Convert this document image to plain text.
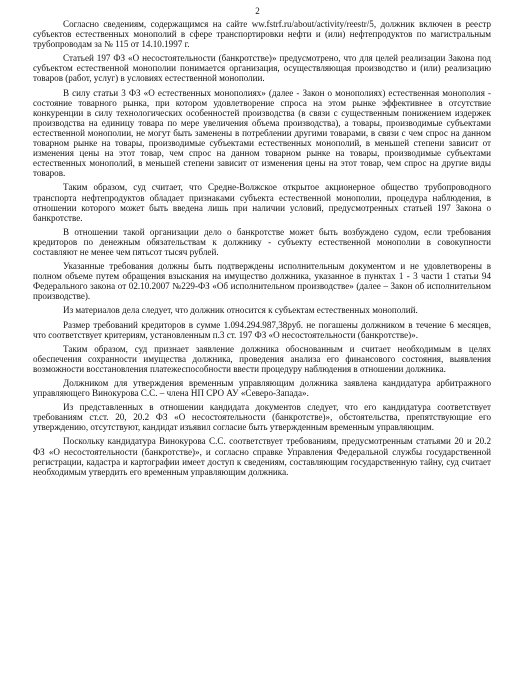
2

Согласно сведениям, содержащимся на сайте ww.fstrf.ru/about/activity/reestr/5, должник включен в реестр субъектов естественных монополий в сфере транспортировки нефти и (или) нефтепродуктов по магистральным трубопроводам за № 115 от 14.10.1997 г.

Статьей 197 ФЗ «О несостоятельности (банкротстве)» предусмотрено, что для целей реализации Закона под субъектом естественной монополии понимается организация, осуществляющая производство и (или) реализацию товаров (работ, услуг) в условиях естественной монополии.

В силу статьи 3 ФЗ «О естественных монополиях» (далее - Закон о монополиях) естественная монополия - состояние товарного рынка, при котором удовлетворение спроса на этом рынке эффективнее в отсутствие конкуренции в силу технологических особенностей производства (в связи с существенным понижением издержек производства на единицу товара по мере увеличения объема производства), а товары, производимые субъектами естественной монополии, не могут быть заменены в потреблении другими товарами, в связи с чем спрос на данном товарном рынке на товары, производимые субъектами естественных монополий, в меньшей степени зависит от изменения цены на этот товар, чем спрос на данном товарном рынке на товары, производимые субъектами естественных монополий, в меньшей степени зависит от изменения цены на этот товар, чем спрос на другие виды товаров.

Таким образом, суд считает, что Средне-Волжское открытое акционерное общество трубопроводного транспорта нефтепродуктов обладает признаками субъекта естественной монополии, процедура наблюдения, в отношении которого может быть введена лишь при наличии условий, предусмотренных статьей 197 Закона о банкротстве.

В отношении такой организации дело о банкротстве может быть возбуждено судом, если требования кредиторов по денежным обязательствам к должнику - субъекту естественной монополии в совокупности составляют не менее чем пятьсот тысяч рублей.

Указанные требования должны быть подтверждены исполнительным документом и не удовлетворены в полном объеме путем обращения взыскания на имущество должника, указанное в пунктах 1 - 3 части 1 статьи 94 Федерального закона от 02.10.2007 №229-ФЗ «Об исполнительном производстве» (далее – Закон об исполнительном производстве).

Из материалов дела следует, что должник относится к субъектам естественных монополий.

Размер требований кредиторов в сумме 1.094.294.987,38руб. не погашены должником в течение 6 месяцев, что соответствует критериям, установленным п.3 ст. 197 ФЗ «О несостоятельности (банкротстве)».

Таким образом, суд признает заявление должника обоснованным и считает необходимым в целях обеспечения сохранности имущества должника, проведения анализа его финансового состояния, выявления возможности восстановления платежеспособности ввести процедуру наблюдения в отношении должника.

Должником для утверждения временным управляющим должника заявлена кандидатура арбитражного управляющего Винокурова С.С. – члена НП СРО АУ «Северо-Запада».

Из представленных в отношении кандидата документов следует, что его кандидатура соответствует требованиям ст.ст. 20, 20.2 ФЗ «О несостоятельности (банкротстве)», обстоятельства, препятствующие его утверждению, отсутствуют, кандидат изъявил согласие быть утвержденным временным управляющим.

Поскольку кандидатура Винокурова С.С. соответствует требованиям, предусмотренным статьями 20 и 20.2 ФЗ «О несостоятельности (банкротстве)», и согласно справке Управления Федеральной службы государственной регистрации, кадастра и картографии имеет доступ к сведениям, составляющим государственную тайну, суд считает необходимым утвердить его временным управляющим должника.
